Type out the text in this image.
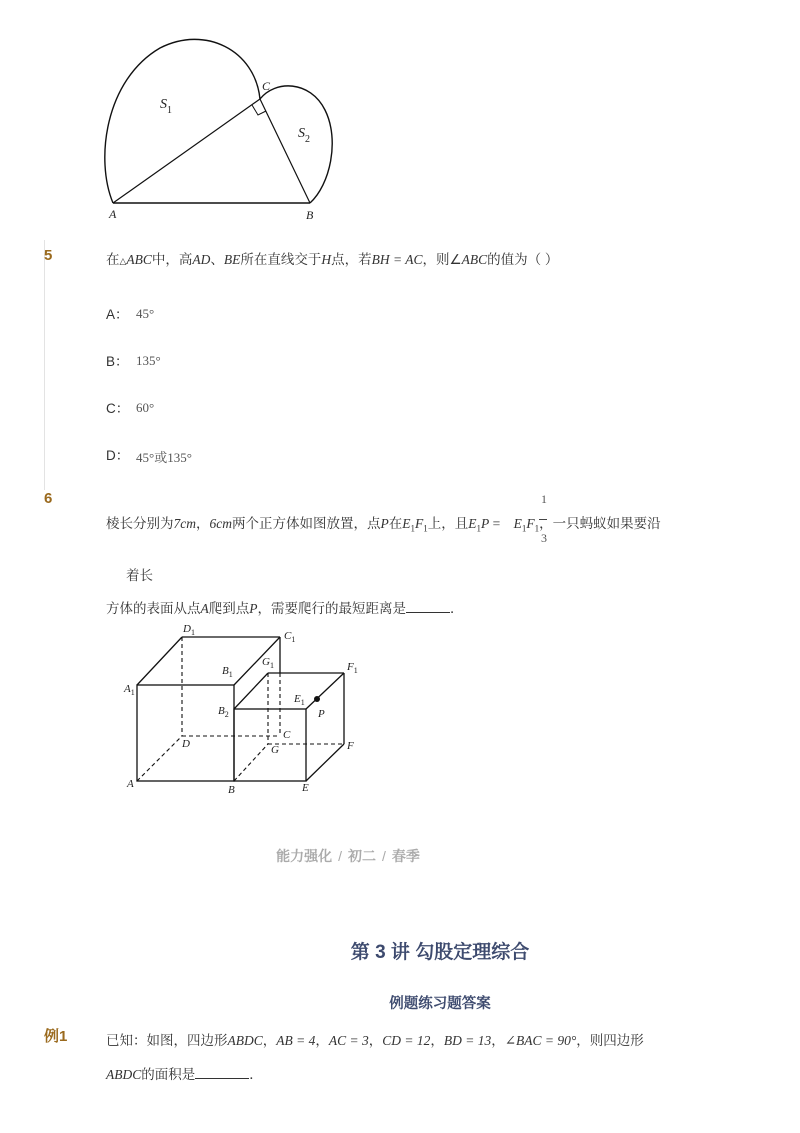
A	B
C
$S_1$
$S_2$
5	在△ABC中，高AD、BE所在直线交于H点，若BH = AC，则∠ABC的值为（ ）
A： 45°
B： 135°
C： 60°
D： 45°或135°
6
棱长分别为7cm，6cm两个正方体如图放置，点P在$E_1F_1$上，且$E_1P = E_1F_1$，一只蚂蚁如果要沿
1
3
着长
方体的表面从点A爬到点P，需要爬行的最短距离是	．
$D_1$	$C_1$
$A_1$
$B_1$
$G_1$	$F_1$
$E_1$
$B_2$	P
D
C
F
G
A	B	E
能力强化 / 初二 / 春季
第 3 讲 勾股定理综合
例题练习题答案
例1	已知：如图，四边形ABDC，AB = 4，AC = 3，CD = 12，BD = 13，∠BAC = 90°，则四边形
ABDC的面积是	．
